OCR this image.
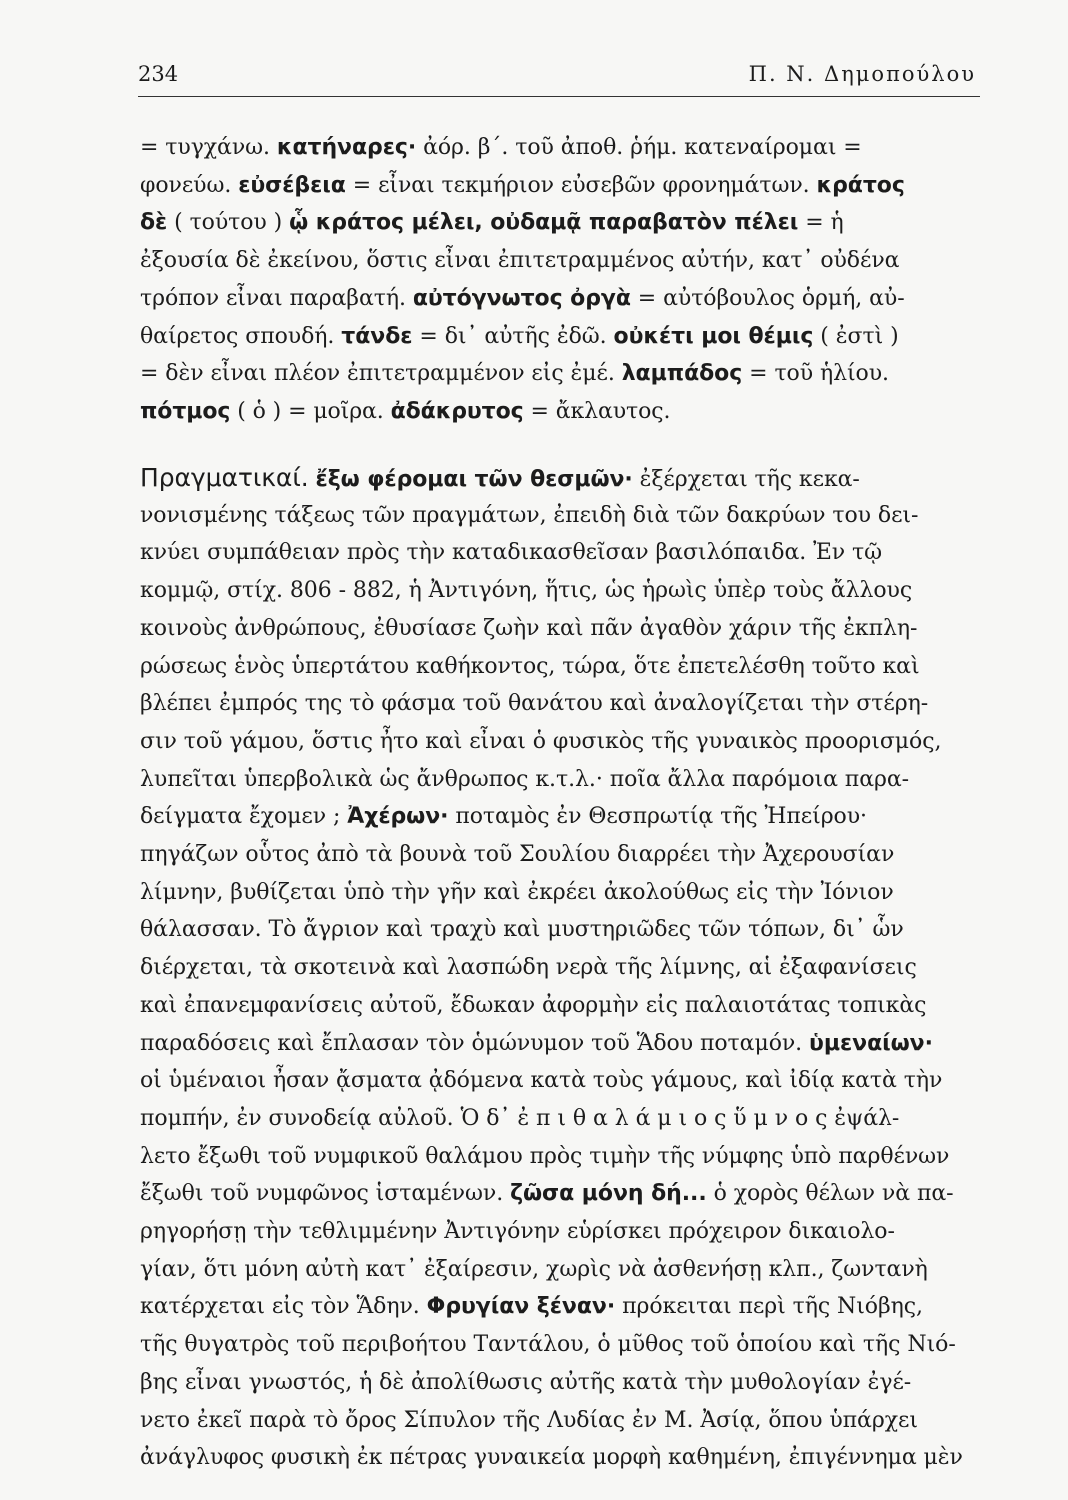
234	Π. Ν. Δημοπούλου
= τυγχάνω. κατήναρες· ἀόρ. β΄. τοῦ ἀποθ. ῥήμ. κατεναίρομαι =
φονεύω. εὐσέβεια = εἶναι τεκμήριον εὐσεβῶν φρονημάτων. κράτος
δὲ ( τούτου ) ᾧ κράτος μέλει, οὐδαμᾷ παραβατὸν πέλει = ἡ
ἐξουσία δὲ ἐκείνου, ὅστις εἶναι ἐπιτετραμμένος αὐτήν, κατ᾽ οὐδένα
τρόπον εἶναι παραβατή. αὐτόγνωτος ὀργὰ = αὐτόβουλος ὁρμή, αὐ-
θαίρετος σπουδή. τάνδε = δι᾽ αὐτῆς ἐδῶ. οὐκέτι μοι θέμις ( ἐστὶ )
= δὲν εἶναι πλέον ἐπιτετραμμένον εἰς ἐμέ. λαμπάδος = τοῦ ἡλίου.
πότμος ( ὁ ) = μοῖρα. ἀδάκρυτος = ἄκλαυτος.
Πραγματικαί. ἔξω φέρομαι τῶν θεσμῶν· ἐξέρχεται τῆς κεκα-
νονισμένης τάξεως τῶν πραγμάτων, ἐπειδὴ διὰ τῶν δακρύων του δει-
κνύει συμπάθειαν πρὸς τὴν καταδικασθεῖσαν βασιλόπαιδα. Ἐν τῷ
κομμῷ, στίχ. 806 - 882, ἡ Ἀντιγόνη, ἥτις, ὡς ἡρωὶς ὑπὲρ τοὺς ἄλλους
κοινοὺς ἀνθρώπους, ἐθυσίασε ζωὴν καὶ πᾶν ἀγαθὸν χάριν τῆς ἐκπλη-
ρώσεως ἑνὸς ὑπερτάτου καθήκοντος, τώρα, ὅτε ἐπετελέσθη τοῦτο καὶ
βλέπει ἐμπρός της τὸ φάσμα τοῦ θανάτου καὶ ἀναλογίζεται τὴν στέρη-
σιν τοῦ γάμου, ὅστις ἦτο καὶ εἶναι ὁ φυσικὸς τῆς γυναικὸς προορισμός,
λυπεῖται ὑπερβολικὰ ὡς ἄνθρωπος κ.τ.λ.· ποῖα ἄλλα παρόμοια παρα-
δείγματα ἔχομεν ; Ἀχέρων· ποταμὸς ἐν Θεσπρωτίᾳ τῆς Ἠπείρου·
πηγάζων οὗτος ἀπὸ τὰ βουνὰ τοῦ Σουλίου διαρρέει τὴν Ἀχερουσίαν
λίμνην, βυθίζεται ὑπὸ τὴν γῆν καὶ ἐκρέει ἀκολούθως εἰς τὴν Ἰόνιον
θάλασσαν. Τὸ ἄγριον καὶ τραχὺ καὶ μυστηριῶδες τῶν τόπων, δι᾽ ὧν
διέρχεται, τὰ σκοτεινὰ καὶ λασπώδη νερὰ τῆς λίμνης, αἱ ἐξαφανίσεις
καὶ ἐπανεμφανίσεις αὐτοῦ, ἔδωκαν ἀφορμὴν εἰς παλαιοτάτας τοπικὰς
παραδόσεις καὶ ἔπλασαν τὸν ὁμώνυμον τοῦ Ἅδου ποταμόν. ὑμεναίων·
οἱ ὑμέναιοι ἦσαν ᾄσματα ᾀδόμενα κατὰ τοὺς γάμους, καὶ ἰδίᾳ κατὰ τὴν
πομπήν, ἐν συνοδείᾳ αὐλοῦ. Ὁ δ᾽ ἐ π ι θ α λ ά μ ι ο ς ὕ μ ν ο ς ἐψάλ-
λετο ἔξωθι τοῦ νυμφικοῦ θαλάμου πρὸς τιμὴν τῆς νύμφης ὑπὸ παρθένων
ἔξωθι τοῦ νυμφῶνος ἱσταμένων. ζῶσα μόνη δή... ὁ χορὸς θέλων νὰ πα-
ρηγορήσῃ τὴν τεθλιμμένην Ἀντιγόνην εὑρίσκει πρόχειρον δικαιολο-
γίαν, ὅτι μόνη αὐτὴ κατ᾽ ἐξαίρεσιν, χωρὶς νὰ ἀσθενήσῃ κλπ., ζωντανὴ
κατέρχεται εἰς τὸν Ἅδην. Φρυγίαν ξέναν· πρόκειται περὶ τῆς Νιόβης,
τῆς θυγατρὸς τοῦ περιβοήτου Ταντάλου, ὁ μῦθος τοῦ ὁποίου καὶ τῆς Νιό-
βης εἶναι γνωστός, ἡ δὲ ἀπολίθωσις αὐτῆς κατὰ τὴν μυθολογίαν ἐγέ-
νετο ἐκεῖ παρὰ τὸ ὄρος Σίπυλον τῆς Λυδίας ἐν Μ. Ἀσίᾳ, ὅπου ὑπάρχει
ἀνάγλυφος φυσικὴ ἐκ πέτρας γυναικεία μορφὴ καθημένη, ἐπιγέννημα μὲν
